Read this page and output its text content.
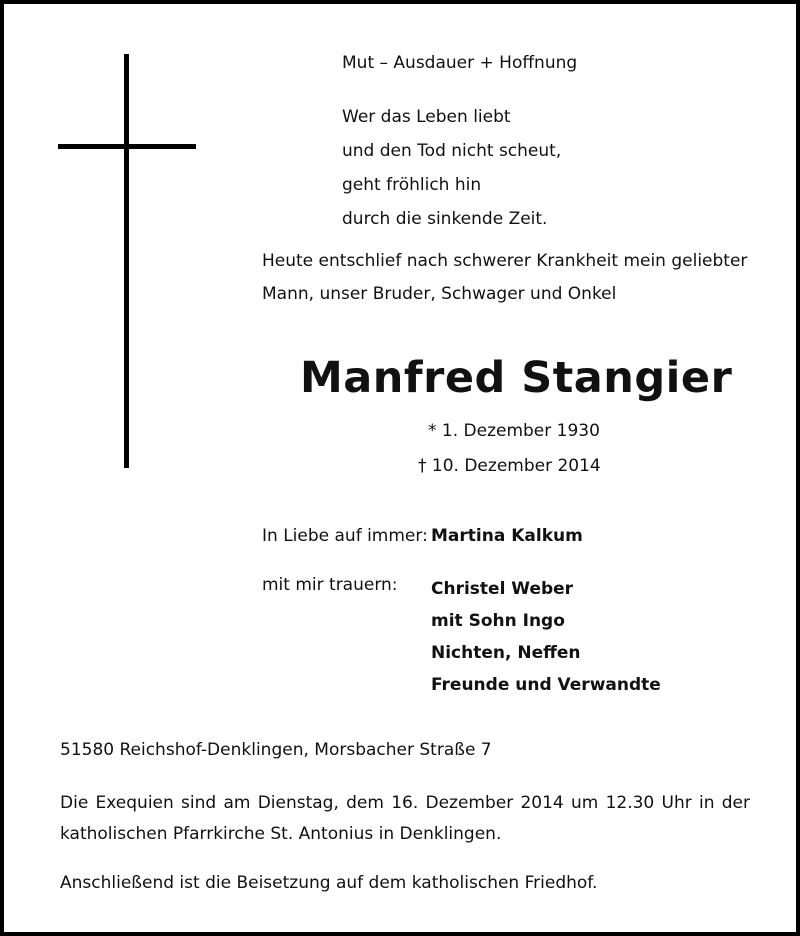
Mut – Ausdauer + Hoffnung
Wer das Leben liebt
und den Tod nicht scheut,
geht fröhlich hin
durch die sinkende Zeit.
Heute entschlief nach schwerer Krankheit mein geliebter
Mann, unser Bruder, Schwager und Onkel
Manfred Stangier
* 1. Dezember 1930
† 10. Dezember 2014
In Liebe auf immer: Martina Kalkum
mit mir trauern: Christel Weber
mit Sohn Ingo
Nichten, Neffen
Freunde und Verwandte
51580 Reichshof-Denklingen, Morsbacher Straße 7
Die Exequien sind am Dienstag, dem 16. Dezember 2014 um 12.30 Uhr in der
katholischen Pfarrkirche St. Antonius in Denklingen.
Anschließend ist die Beisetzung auf dem katholischen Friedhof.
